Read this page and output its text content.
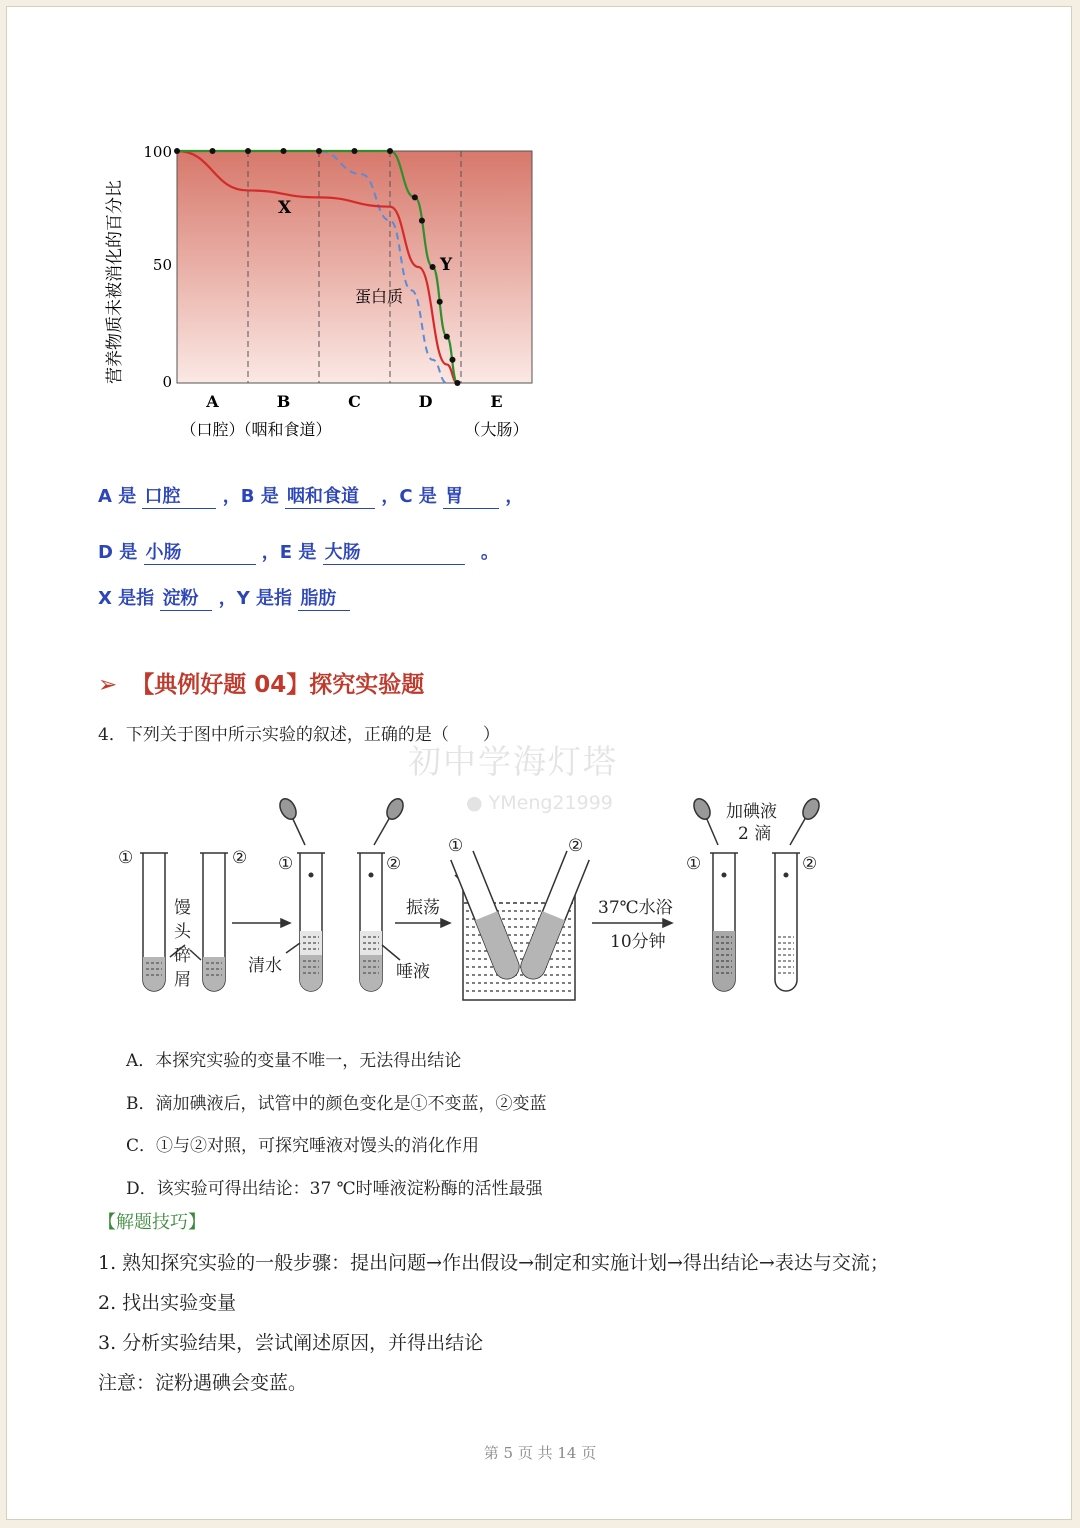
营养物质未被消化的百分比
100
50
0
X
Y
蛋白质
A
（口腔）
B
（咽和食道）
C	D	E
（大肠）
A 是 口腔 ，B 是 咽和食道 ，C 是 胃 ，
D 是 小肠	，E 是 大肠	。
X 是指 淀粉 ，Y 是指 脂肪
➢ 【典例好题 04】探究实验题
4．下列关于图中所示实验的叙述，正确的是（　　）
初中学海灯塔
● YMeng21999
①	②
馒
头
碎
屑
①	②
清水	唾液
振荡
①	②
37℃水浴
10分钟
加碘液
2 滴
①	②
A．本探究实验的变量不唯一，无法得出结论
B．滴加碘液后，试管中的颜色变化是①不变蓝，②变蓝
C．①与②对照，可探究唾液对馒头的消化作用
D．该实验可得出结论：37 ℃时唾液淀粉酶的活性最强
【解题技巧】
1. 熟知探究实验的一般步骤：提出问题→作出假设→制定和实施计划→得出结论→表达与交流；
2. 找出实验变量
3. 分析实验结果，尝试阐述原因，并得出结论
注意：淀粉遇碘会变蓝。
第 5 页 共 14 页
